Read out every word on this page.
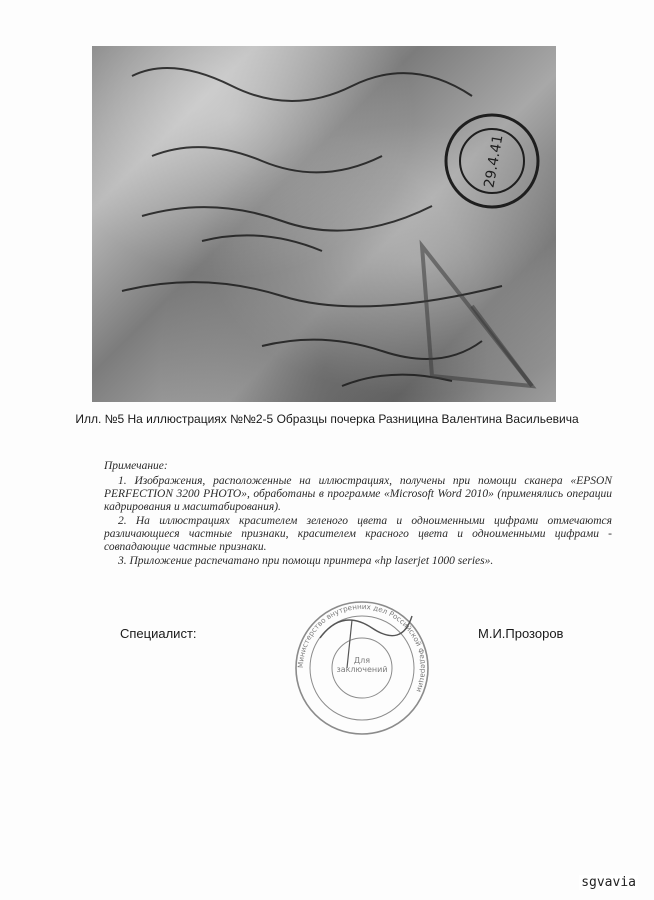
29.4.41
Илл. №5 На иллюстрациях №№2-5 Образцы почерка Разницина Валентина Васильевича

Примечание:

1. Изображения, расположенные на иллюстрациях, получены при помощи сканера «EPSON PERFECTION 3200 PHOTO», обработаны в программе «Microsoft Word 2010» (применялись операции кадрирования и масштабирования).

2. На иллюстрациях красителем зеленого цвета и одноименными цифрами отмечаются различающиеся частные признаки, красителем красного цвета и одноименными цифрами - совпадающие частные признаки.

3. Приложение распечатано при помощи принтера «hp laserjet 1000 series».

Специалист:	М.И.Прозоров
Министерство внутренних дел Российской Федерации
Для заключений
sgvavia
